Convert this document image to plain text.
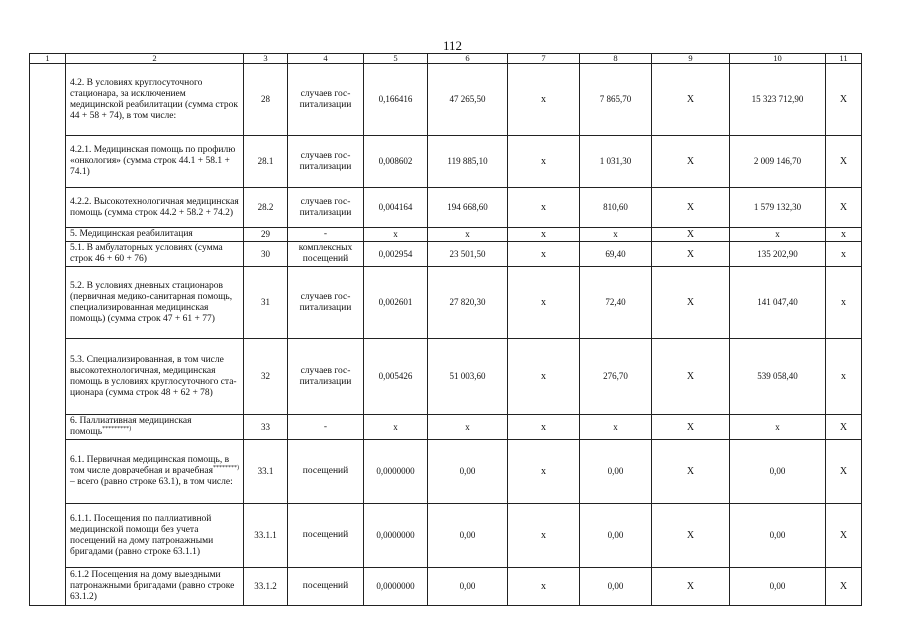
112
1	2	3	4	5	6	7	8	9	10	11
	4.2. В условиях круглосуточного стационара, за исключением медицинской реабилитации (сумма строк 44 + 58 + 74), в том числе:	28	случаев госпитализации	0,166416	47 265,50	x	7 865,70	X	15 323 712,90	X
	4.2.1. Медицинская помощь по профилю «онкология» (сумма строк 44.1 + 58.1 + 74.1)	28.1	случаев госпитализации	0,008602	119 885,10	x	1 031,30	X	2 009 146,70	X
	4.2.2. Высокотехнологичная медицинская помощь (сумма строк 44.2 + 58.2 + 74.2)	28.2	случаев госпитализации	0,004164	194 668,60	x	810,60	X	1 579 132,30	X
	5. Медицинская реабилитация	29	-	x	x	x	x	X	x	x
	5.1. В амбулаторных условиях (сумма строк 46 + 60 + 76)	30	комплексных посещений	0,002954	23 501,50	x	69,40	X	135 202,90	x
	5.2. В условиях дневных стационаров (первичная медико-санитарная помощь, специализированная медицинская помощь) (сумма строк 47 + 61 + 77)	31	случаев госпитализации	0,002601	27 820,30	x	72,40	X	141 047,40	x
	5.3. Специализированная, в том числе высокотехнологичная, медицинская помощь в условиях круглосуточного стационара (сумма строк 48 + 62 + 78)	32	случаев госпитализации	0,005426	51 003,60	x	276,70	X	539 058,40	x
	6. Паллиативная медицинская помощь*********)	33	-	x	x	x	x	X	x	X
	6.1. Первичная медицинская помощь, в том числе доврачебная и врачебная********) – всего (равно строке 63.1), в том числе:	33.1	посещений	0,0000000	0,00	x	0,00	X	0,00	X
	6.1.1. Посещения по паллиативной медицинской помощи без учета посещений на дому патронажными бригадами (равно строке 63.1.1)	33.1.1	посещений	0,0000000	0,00	x	0,00	X	0,00	X
	6.1.2 Посещения на дому выездными патронажными бригадами (равно строке 63.1.2)	33.1.2	посещений	0,0000000	0,00	x	0,00	X	0,00	X
